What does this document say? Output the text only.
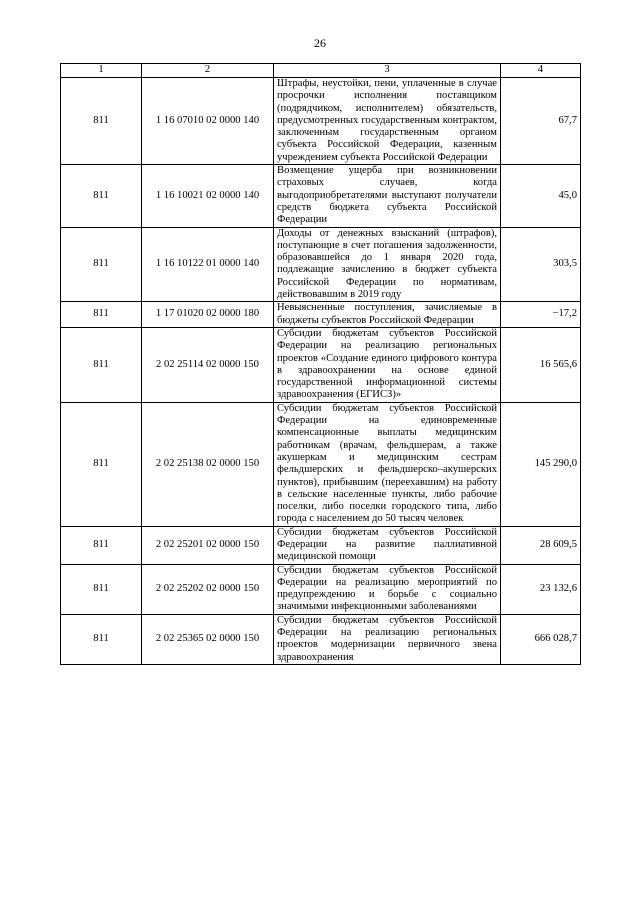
26
1	2	3	4
811	1 16 07010 02 0000 140	Штрафы, неустойки, пени, уплаченные в случае просрочки исполнения поставщиком (подрядчиком, исполнителем) обязательств, предусмотренных государственным контрактом, заключенным государственным органом субъекта Российской Федерации, казенным учреждением субъекта Российской Федерации	67,7
811	1 16 10021 02 0000 140	Возмещение ущерба при возникновении страховых случаев, когда выгодоприобретателями выступают получатели средств бюджета субъекта Российской Федерации	45,0
811	1 16 10122 01 0000 140	Доходы от денежных взысканий (штрафов), поступающие в счет погашения задолженности, образовавшейся до 1 января 2020 года, подлежащие зачислению в бюджет субъекта Российской Федерации по нормативам, действовавшим в 2019 году	303,5
811	1 17 01020 02 0000 180	Невыясненные поступления, зачисляемые в бюджеты субъектов Российской Федерации	−17,2
811	2 02 25114 02 0000 150	Субсидии бюджетам субъектов Российской Федерации на реализацию региональных проектов «Создание единого цифрового контура в здравоохранении на основе единой государственной информационной системы здравоохранения (ЕГИСЗ)»	16 565,6
811	2 02 25138 02 0000 150	Субсидии бюджетам субъектов Российской Федерации на единовременные компенсационные выплаты медицинским работникам (врачам, фельдшерам, а также акушеркам и медицинским сестрам фельдшерских и фельдшерско–акушерских пунктов), прибывшим (переехавшим) на работу в сельские населенные пункты, либо рабочие поселки, либо поселки городского типа, либо города с населением до 50 тысяч человек	145 290,0
811	2 02 25201 02 0000 150	Субсидии бюджетам субъектов Российской Федерации на развитие паллиативной медицинской помощи	28 609,5
811	2 02 25202 02 0000 150	Субсидии бюджетам субъектов Российской Федерации на реализацию мероприятий по предупреждению и борьбе с социально значимыми инфекционными заболеваниями	23 132,6
811	2 02 25365 02 0000 150	Субсидии бюджетам субъектов Российской Федерации на реализацию региональных проектов модернизации первичного звена здравоохранения	666 028,7
